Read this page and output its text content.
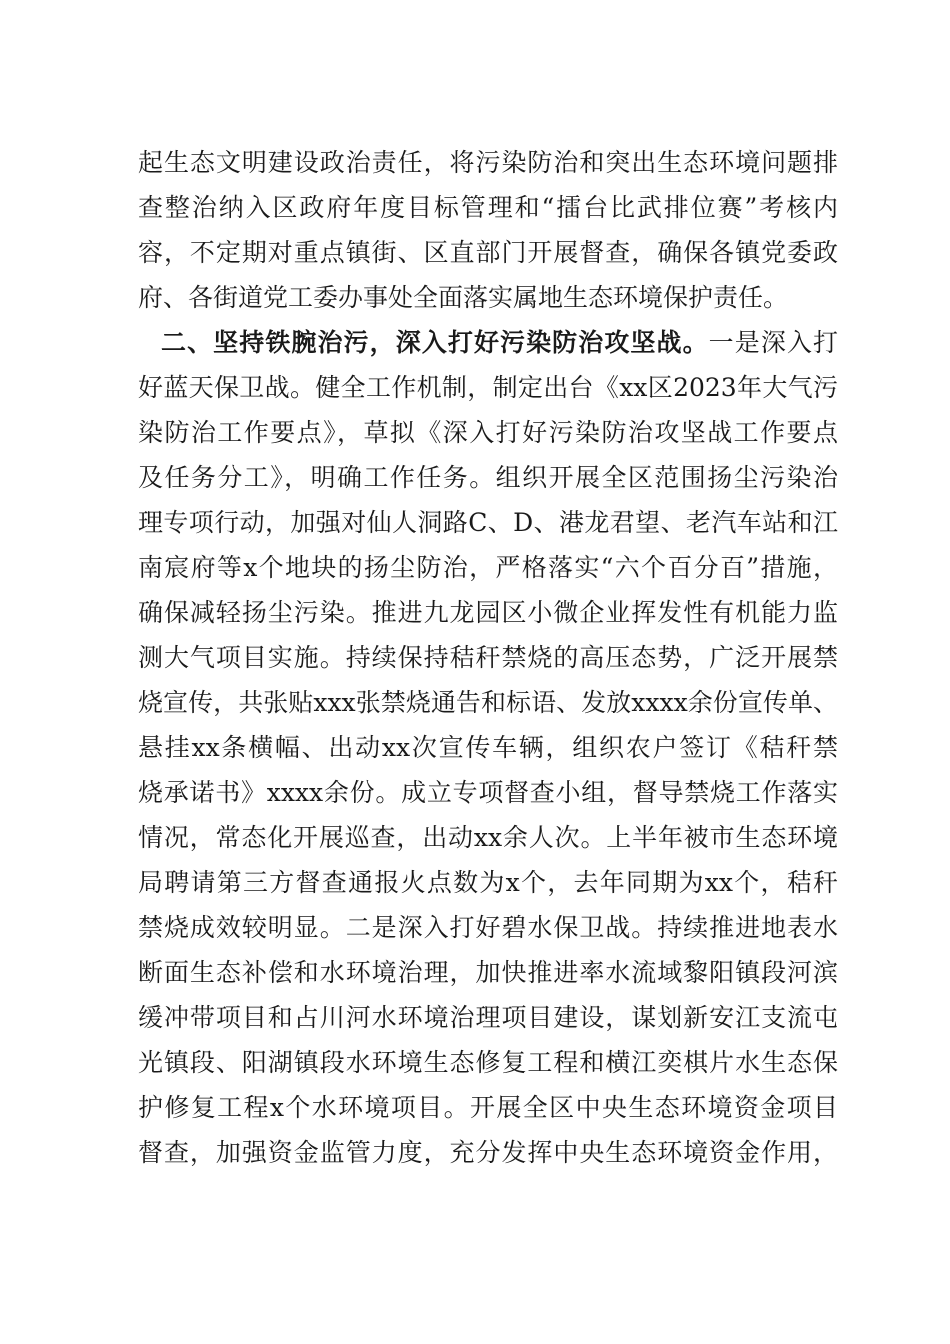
起生态文明建设政治责任，将污染防治和突出生态环境问题排
查整治纳入区政府年度目标管理和“擂台比武排位赛”考核内
容，不定期对重点镇街、区直部门开展督查，确保各镇党委政
府、各街道党工委办事处全面落实属地生态环境保护责任。
二、坚持铁腕治污，深入打好污染防治攻坚战。一是深入打
好蓝天保卫战。健全工作机制，制定出台《xx区2023年大气污
染防治工作要点》，草拟《深入打好污染防治攻坚战工作要点
及任务分工》，明确工作任务。组织开展全区范围扬尘污染治
理专项行动，加强对仙人洞路C、D、港龙君望、老汽车站和江
南宸府等x个地块的扬尘防治，严格落实“六个百分百”措施，
确保减轻扬尘污染。推进九龙园区小微企业挥发性有机能力监
测大气项目实施。持续保持秸秆禁烧的高压态势，广泛开展禁
烧宣传，共张贴xxx张禁烧通告和标语、发放xxxx余份宣传单、
悬挂xx条横幅、出动xx次宣传车辆，组织农户签订《秸秆禁
烧承诺书》xxxx余份。成立专项督查小组，督导禁烧工作落实
情况，常态化开展巡查，出动xx余人次。上半年被市生态环境
局聘请第三方督查通报火点数为x个，去年同期为xx个，秸秆
禁烧成效较明显。二是深入打好碧水保卫战。持续推进地表水
断面生态补偿和水环境治理，加快推进率水流域黎阳镇段河滨
缓冲带项目和占川河水环境治理项目建设，谋划新安江支流屯
光镇段、阳湖镇段水环境生态修复工程和横江奕棋片水生态保
护修复工程x个水环境项目。开展全区中央生态环境资金项目
督查，加强资金监管力度，充分发挥中央生态环境资金作用，
